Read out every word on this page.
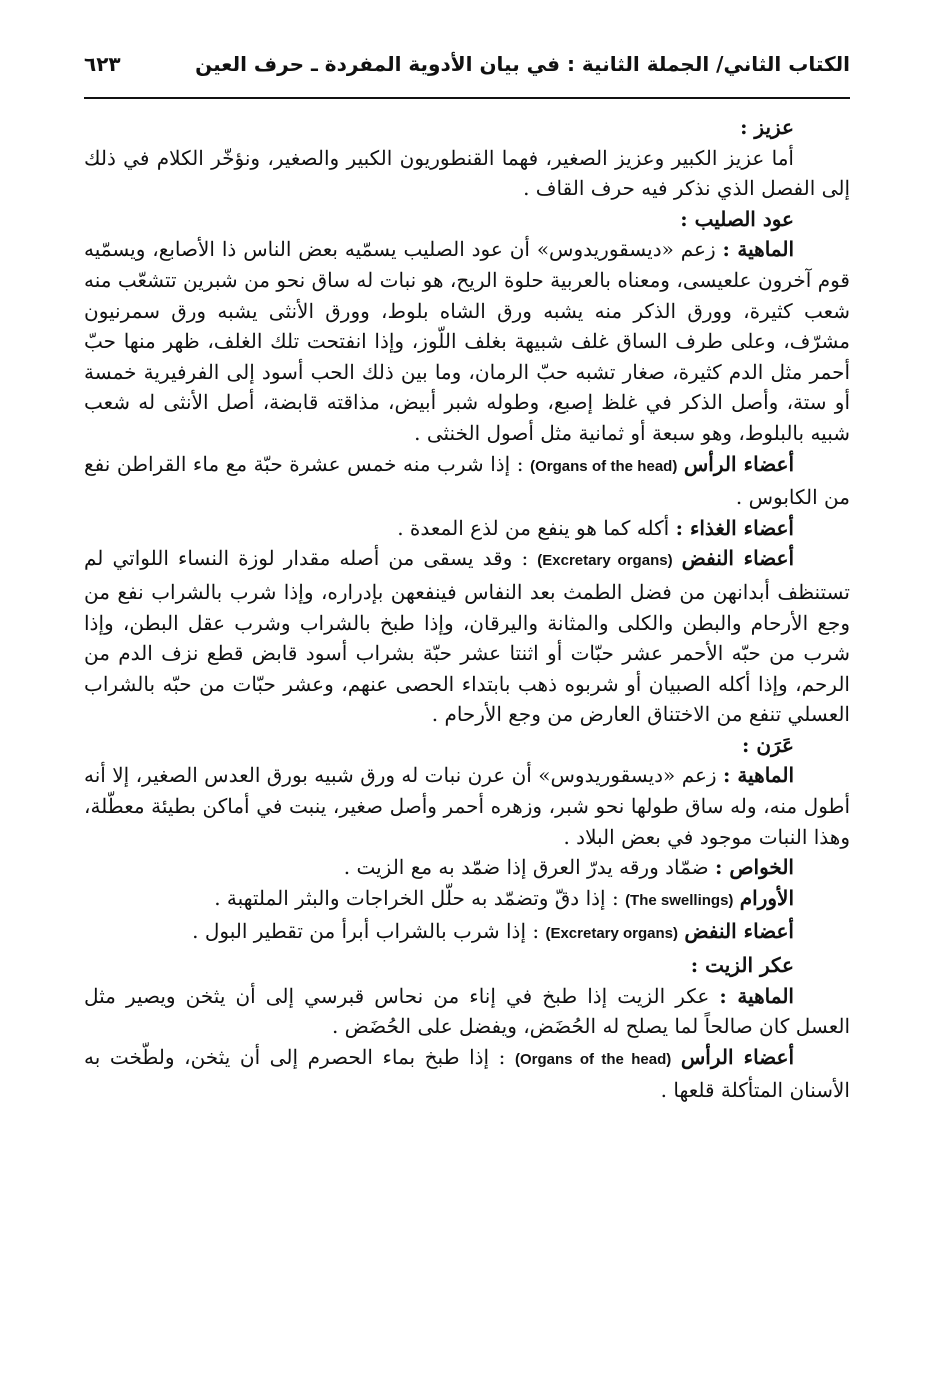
الكتاب الثاني/ الجملة الثانية : في بيان الأدوية المفردة ـ حرف العين
٦٢٣
عزيز :

أما عزيز الكبير وعزيز الصغير، فهما القنطوريون الكبير والصغير، ونؤخّر الكلام في ذلك إلى الفصل الذي نذكر فيه حرف القاف .

عود الصليب :

الماهية : زعم «ديسقوريدوس» أن عود الصليب يسمّيه بعض الناس ذا الأصابع، ويسمّيه قوم آخرون علعيسى، ومعناه بالعربية حلوة الريح، هو نبات له ساق نحو من شبرين تتشعّب منه شعب كثيرة، وورق الذكر منه يشبه ورق الشاه بلوط، وورق الأنثى يشبه ورق سمرنيون مشرّف، وعلى طرف الساق غلف شبيهة بغلف اللّوز، وإذا انفتحت تلك الغلف، ظهر منها حبّ أحمر مثل الدم كثيرة، صغار تشبه حبّ الرمان، وما بين ذلك الحب أسود إلى الفرفيرية خمسة أو ستة، وأصل الذكر في غلظ إصبع، وطوله شبر أبيض، مذاقته قابضة، أصل الأنثى له شعب شبيه بالبلوط، وهو سبعة أو ثمانية مثل أصول الخنثى .

أعضاء الرأس (Organs of the head) : إذا شرب منه خمس عشرة حبّة مع ماء القراطن نفع من الكابوس .

أعضاء الغذاء : أكله كما هو ينفع من لذع المعدة .

أعضاء النفض (Excretary organs) : وقد يسقى من أصله مقدار لوزة النساء اللواتي لم تستنظف أبدانهن من فضل الطمث بعد النفاس فينفعهن بإدراره، وإذا شرب بالشراب نفع من وجع الأرحام والبطن والكلى والمثانة واليرقان، وإذا طبخ بالشراب وشرب عقل البطن، وإذا شرب من حبّه الأحمر عشر حبّات أو اثنتا عشر حبّة بشراب أسود قابض قطع نزف الدم من الرحم، وإذا أكله الصبيان أو شربوه ذهب بابتداء الحصى عنهم، وعشر حبّات من حبّه بالشراب العسلي تنفع من الاختناق العارض من وجع الأرحام .

عَرَن :

الماهية : زعم «ديسقوريدوس» أن عرن نبات له ورق شبيه بورق العدس الصغير، إلا أنه أطول منه، وله ساق طولها نحو شبر، وزهره أحمر وأصل صغير، ينبت في أماكن بطيئة معطّلة، وهذا النبات موجود في بعض البلاد .

الخواص : ضمّاد ورقه يدرّ العرق إذا ضمّد به مع الزيت .

الأورام (The swellings) : إذا دقّ وتضمّد به حلّل الخراجات والبثر الملتهبة .

أعضاء النفض (Excretary organs) : إذا شرب بالشراب أبرأ من تقطير البول .

عكر الزيت :

الماهية : عكر الزيت إذا طبخ في إناء من نحاس قبرسي إلى أن يثخن ويصير مثل العسل كان صالحاً لما يصلح له الحُضَض، ويفضل على الحُضَض .

أعضاء الرأس (Organs of the head) : إذا طبخ بماء الحصرم إلى أن يثخن، ولطّخت به الأسنان المتأكلة قلعها .
